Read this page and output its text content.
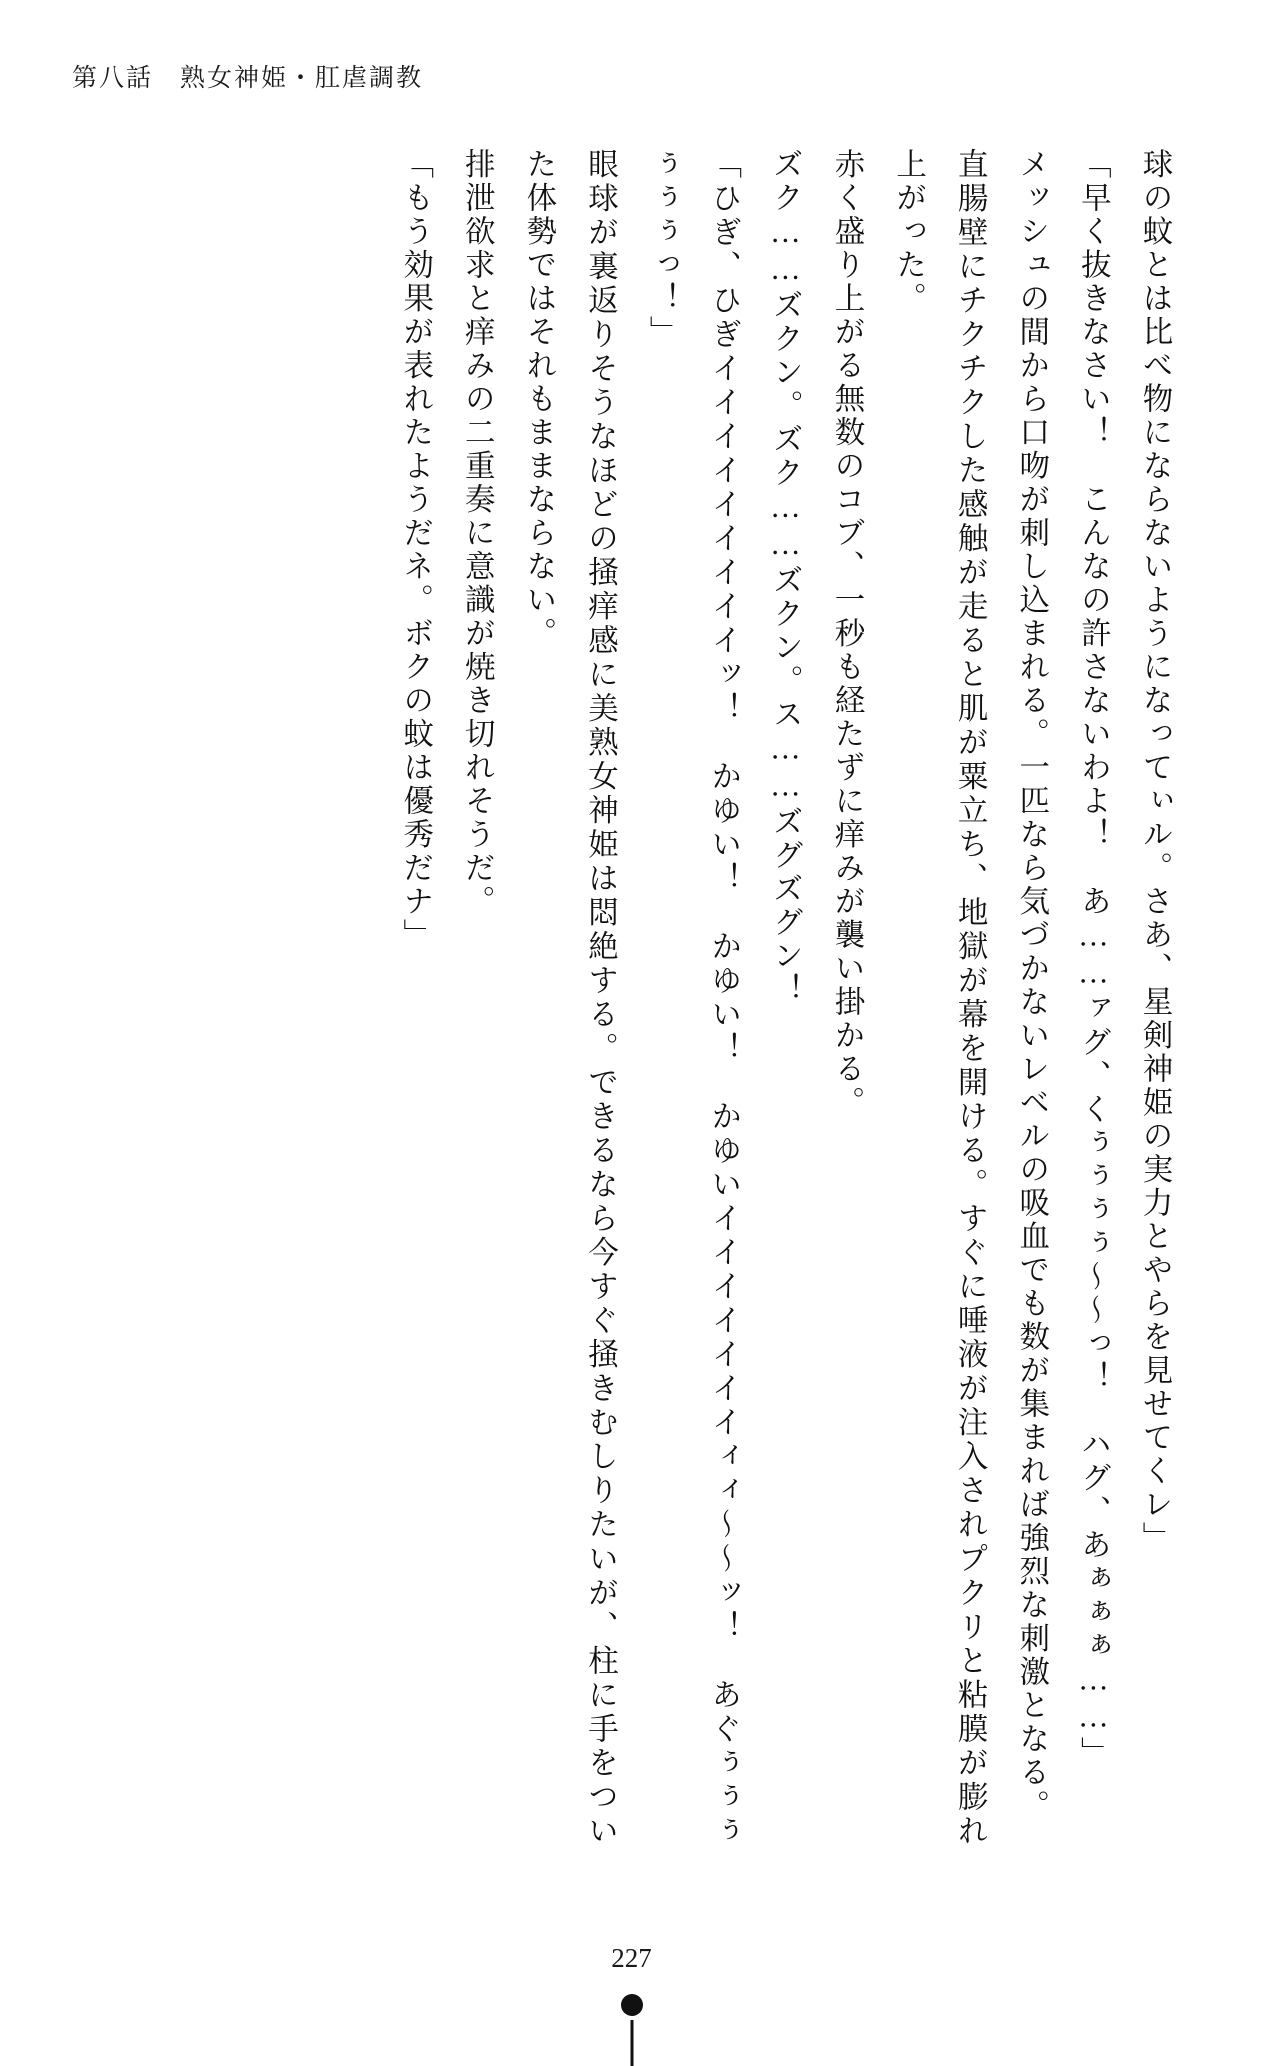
第八話　熟女神姫・肛虐調教

球の蚊とは比べ物にならないようになってぃル。さあ、星剣神姫の実力とやらを見せてくレ」

「早く抜きなさい！　こんなの許さないわよ！　あ……ァグ、くぅぅぅぅ～～っ！　ハグ、あぁぁぁ……」

メッシュの間から口吻が刺し込まれる。一匹なら気づかないレベルの吸血でも数が集まれば強烈な刺激となる。

直腸壁にチクチクした感触が走ると肌が粟立ち、地獄が幕を開ける。すぐに唾液が注入されプクリと粘膜が膨れ上がった。

赤く盛り上がる無数のコブ、一秒も経たずに痒みが襲い掛かる。

ズク……ズクン。ズク……ズクン。ス……ズグズグン！

「ひぎ、ひぎイイイイイイイイイッ！　かゆい！　かゆい！　かゆいイイイイイイイィィ～～ッ！　あぐぅぅぅぅぅぅっ！」

眼球が裏返りそうなほどの掻痒感に美熟女神姫は悶絶する。できるなら今すぐ掻きむしりたいが、柱に手をついた体勢ではそれもままならない。

排泄欲求と痒みの二重奏に意識が焼き切れそうだ。

「もう効果が表れたようだネ。ボクの蚊は優秀だナ」

227
